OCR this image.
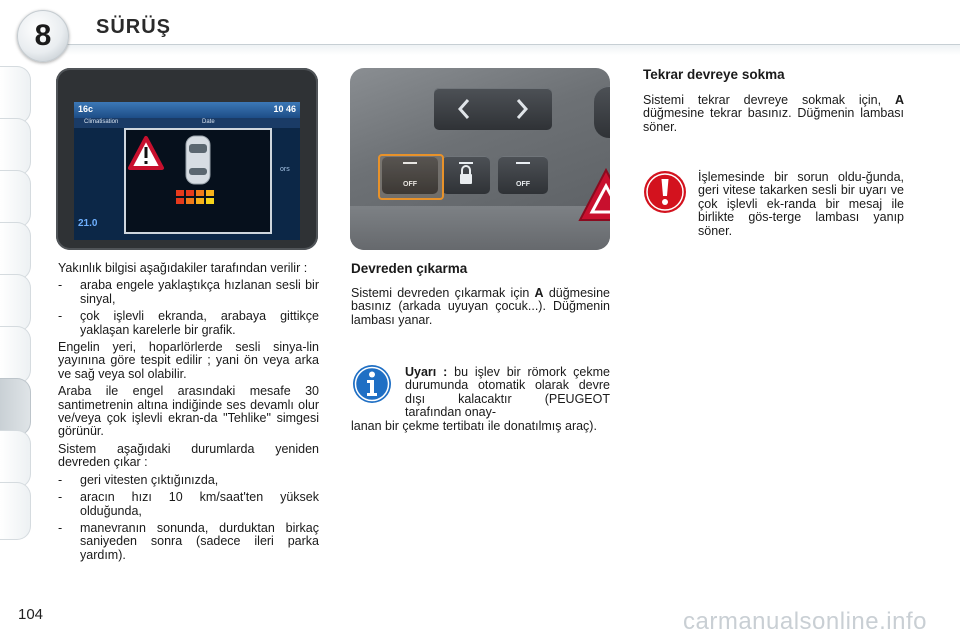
8 SÜRÜŞ
16c	10 46
Climatisation	Date
21.0
ors
OFF	OFF

Yakınlık bilgisi aşağıdakiler tarafından verilir :

- araba engele yaklaştıkça hızlanan sesli bir sinyal,
- çok işlevli ekranda, arabaya gittikçe yaklaşan karelerle bir grafik.

Engelin yeri, hoparlörlerde sesli sinya-lin yayınına göre tespit edilir ; yani ön veya arka ve sağ veya sol olabilir.

Araba ile engel arasındaki mesafe 30 santimetrenin altına indiğinde ses devamlı olur ve/veya çok işlevli ekran-da "Tehlike" simgesi görünür.

Sistem aşağıdaki durumlarda yeniden devreden çıkar :

- geri vitesten çıktığınızda,
- aracın hızı 10 km/saat'ten yüksek olduğunda,
- manevranın sonunda, durduktan birkaç saniyeden sonra (sadece ileri parka yardım).
Devreden çıkarma
Sistemi devreden çıkarmak için A düğmesine basınız (arkada uyuyan çocuk...). Düğmenin lambası yanar.
Uyarı : bu işlev bir römork çekme durumunda otomatik olarak devre dışı kalacaktır (PEUGEOT tarafından onay-
lanan bir çekme tertibatı ile donatılmış araç).
Tekrar devreye sokma
Sistemi tekrar devreye sokmak için, A düğmesine tekrar basınız. Düğmenin lambası söner.
İşlemesinde bir sorun oldu-ğunda, geri vitese takarken sesli bir uyarı ve çok işlevli ek-randa bir mesaj ile birlikte gös-terge lambası yanıp söner.
104	carmanualsonline.info
